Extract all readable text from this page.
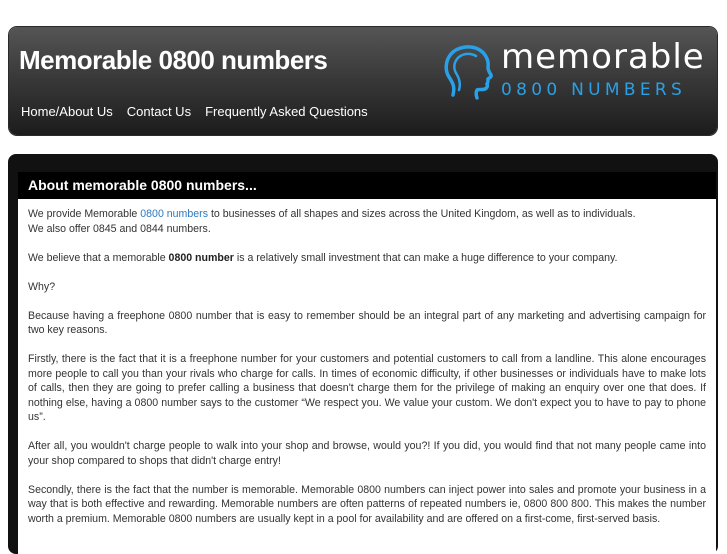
Memorable 0800 numbers
Home/About Us Contact Us Frequently Asked Questions
memorable
0800 NUMBERS
About memorable 0800 numbers...

We provide Memorable 0800 numbers to businesses of all shapes and sizes across the United Kingdom, as well as to individuals.
We also offer 0845 and 0844 numbers.

We believe that a memorable 0800 number is a relatively small investment that can make a huge difference to your company.

Why?

Because having a freephone 0800 number that is easy to remember should be an integral part of any marketing and advertising campaign for two key reasons.

Firstly, there is the fact that it is a freephone number for your customers and potential customers to call from a landline. This alone encourages more people to call you than your rivals who charge for calls. In times of economic difficulty, if other businesses or individuals have to make lots of calls, then they are going to prefer calling a business that doesn't charge them for the privilege of making an enquiry over one that does. If nothing else, having a 0800 number says to the customer “We respect you. We value your custom. We don't expect you to have to pay to phone us”.

After all, you wouldn't charge people to walk into your shop and browse, would you?! If you did, you would find that not many people came into your shop compared to shops that didn't charge entry!

Secondly, there is the fact that the number is memorable. Memorable 0800 numbers can inject power into sales and promote your business in a way that is both effective and rewarding. Memorable numbers are often patterns of repeated numbers ie, 0800 800 800. This makes the number worth a premium. Memorable 0800 numbers are usually kept in a pool for availability and are offered on a first-come, first-served basis.
